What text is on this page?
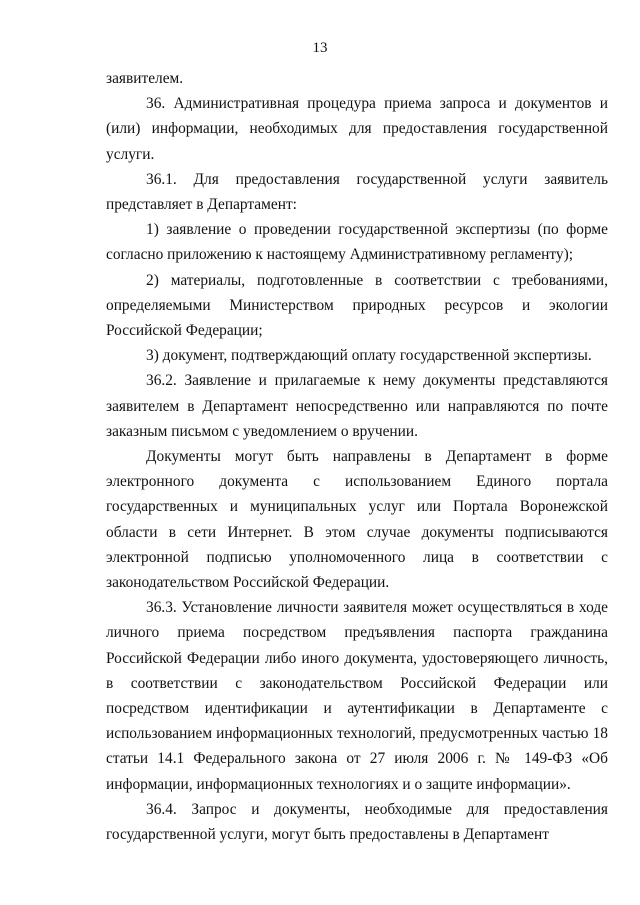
13

заявителем.

36. Административная процедура приема запроса и документов и (или) информации, необходимых для предоставления государственной услуги.

36.1. Для предоставления государственной услуги заявитель представляет в Департамент:

1) заявление о проведении государственной экспертизы (по форме согласно приложению к настоящему Административному регламенту);

2) материалы, подготовленные в соответствии с требованиями, определяемыми Министерством природных ресурсов и экологии Российской Федерации;

3) документ, подтверждающий оплату государственной экспертизы.

36.2. Заявление и прилагаемые к нему документы представляются заявителем в Департамент непосредственно или направляются по почте заказным письмом с уведомлением о вручении.

Документы могут быть направлены в Департамент в форме электронного документа с использованием Единого портала государственных и муниципальных услуг или Портала Воронежской области в сети Интернет. В этом случае документы подписываются электронной подписью уполномоченного лица в соответствии с законодательством Российской Федерации.

36.3. Установление личности заявителя может осуществляться в ходе личного приема посредством предъявления паспорта гражданина Российской Федерации либо иного документа, удостоверяющего личность, в соответствии с законодательством Российской Федерации или посредством идентификации и аутентификации в Департаменте с использованием информационных технологий, предусмотренных частью 18 статьи 14.1 Федерального закона от 27 июля 2006 г. № 149-ФЗ «Об информации, информационных технологиях и о защите информации».

36.4. Запрос и документы, необходимые для предоставления государственной услуги, могут быть предоставлены в Департамент
